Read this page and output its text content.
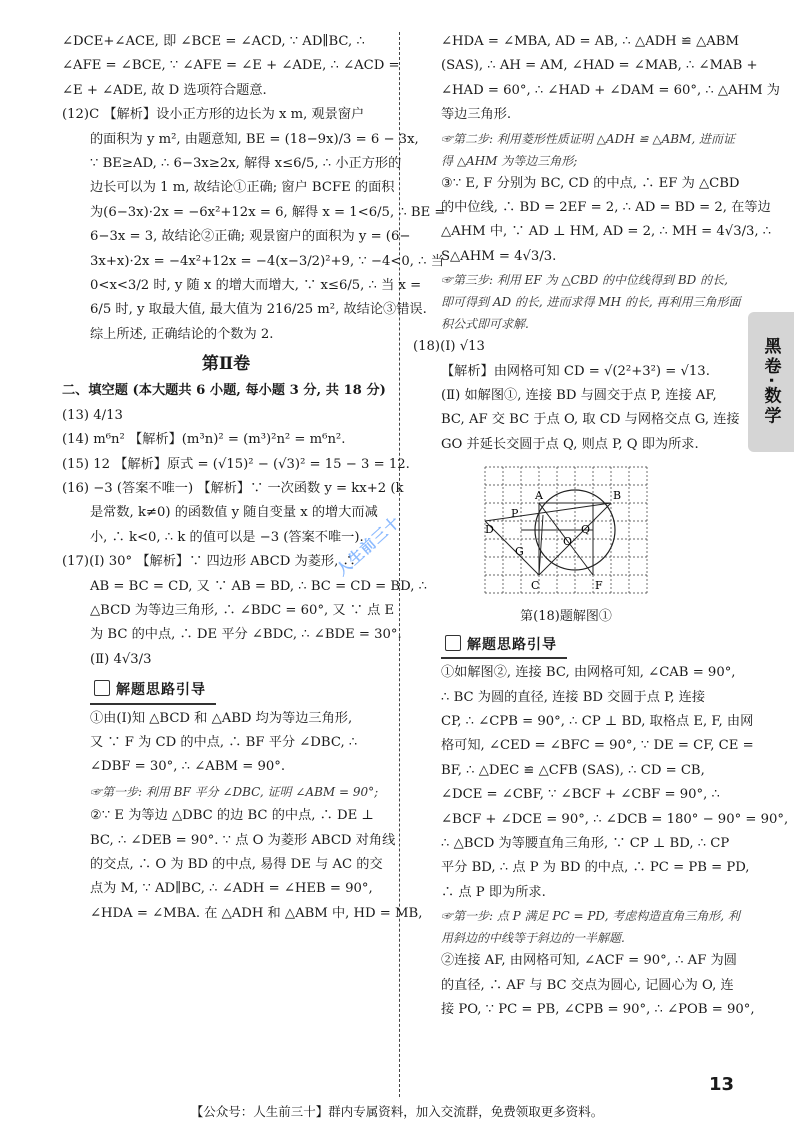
∠DCE+∠ACE, 即 ∠BCE = ∠ACD, ∵ AD∥BC, ∴
∠AFE = ∠BCE, ∵ ∠AFE = ∠E + ∠ADE, ∴ ∠ACD =
∠E + ∠ADE, 故 D 选项符合题意.
(12)C 【解析】设小正方形的边长为 x m, 观景窗户
的面积为 y m², 由题意知, BE = (18−9x)/3 = 6 − 3x,
∵ BE≥AD, ∴ 6−3x≥2x, 解得 x≤6/5, ∴ 小正方形的
边长可以为 1 m, 故结论①正确; 窗户 BCFE 的面积
为(6−3x)·2x = −6x²+12x = 6, 解得 x = 1<6/5, ∴ BE =
6−3x = 3, 故结论②正确; 观景窗户的面积为 y = (6−
3x+x)·2x = −4x²+12x = −4(x−3/2)²+9, ∵ −4<0, ∴ 当
0<x<3/2 时, y 随 x 的增大而增大, ∵ x≤6/5, ∴ 当 x =
6/5 时, y 取最大值, 最大值为 216/25 m², 故结论③错误.
综上所述, 正确结论的个数为 2.
第Ⅱ卷
二、填空题 (本大题共 6 小题, 每小题 3 分, 共 18 分)
(13) 4/13
(14) m⁶n² 【解析】(m³n)² = (m³)²n² = m⁶n².
(15) 12 【解析】原式 = (√15)² − (√3)² = 15 − 3 = 12.
(16) −3 (答案不唯一) 【解析】∵ 一次函数 y = kx+2 (k
是常数, k≠0) 的函数值 y 随自变量 x 的增大而减
小, ∴ k<0, ∴ k 的值可以是 −3 (答案不唯一).
(17)(Ⅰ) 30° 【解析】∵ 四边形 ABCD 为菱形, ∴
AB = BC = CD, 又 ∵ AB = BD, ∴ BC = CD = BD, ∴
△BCD 为等边三角形, ∴ ∠BDC = 60°, 又 ∵ 点 E
为 BC 的中点, ∴ DE 平分 ∠BDC, ∴ ∠BDE = 30°.
(Ⅱ) 4√3/3
解题思路引导
①由(Ⅰ)知 △BCD 和 △ABD 均为等边三角形,
又 ∵ F 为 CD 的中点, ∴ BF 平分 ∠DBC, ∴
∠DBF = 30°, ∴ ∠ABM = 90°.
☞第一步: 利用 BF 平分 ∠DBC, 证明 ∠ABM = 90°;
②∵ E 为等边 △DBC 的边 BC 的中点, ∴ DE ⊥
BC, ∴ ∠DEB = 90°. ∵ 点 O 为菱形 ABCD 对角线
的交点, ∴ O 为 BD 的中点, 易得 DE 与 AC 的交
点为 M, ∵ AD∥BC, ∴ ∠ADH = ∠HEB = 90°,
∠HDA = ∠MBA. 在 △ADH 和 △ABM 中, HD = MB,
∠HDA = ∠MBA, AD = AB, ∴ △ADH ≌ △ABM
(SAS), ∴ AH = AM, ∠HAD = ∠MAB, ∴ ∠MAB +
∠HAD = 60°, ∴ ∠HAD + ∠DAM = 60°, ∴ △AHM 为
等边三角形.
☞第二步: 利用菱形性质证明 △ADH ≌ △ABM, 进而证得 △AHM 为等边三角形;
③∵ E, F 分别为 BC, CD 的中点, ∴ EF 为 △CBD
的中位线, ∴ BD = 2EF = 2, ∴ AD = BD = 2, 在等边
△AHM 中, ∵ AD ⊥ HM, AD = 2, ∴ MH = 4√3/3, ∴
S△AHM = 4√3/3.
☞第三步: 利用 EF 为 △CBD 的中位线得到 BD 的长, 即可得到 AD 的长, 进而求得 MH 的长, 再利用三角形面积公式即可求解.
(18)(Ⅰ) √13
【解析】由网格可知 CD = √(2²+3²) = √13.
(Ⅱ) 如解图①, 连接 BD 与圆交于点 P, 连接 AF,
BC, AF 交 BC 于点 O, 取 CD 与网格交点 G, 连接
GO 并延长交圆于点 Q, 则点 P, Q 即为所求.
A	B
D
P
G
O
Q
C	F
第(18)题解图①
解题思路引导
①如解图②, 连接 BC, 由网格可知, ∠CAB = 90°,
∴ BC 为圆的直径, 连接 BD 交圆于点 P, 连接
CP, ∴ ∠CPB = 90°, ∴ CP ⊥ BD, 取格点 E, F, 由网
格可知, ∠CED = ∠BFC = 90°, ∵ DE = CF, CE =
BF, ∴ △DEC ≌ △CFB (SAS), ∴ CD = CB,
∠DCE = ∠CBF, ∵ ∠BCF + ∠CBF = 90°, ∴
∠BCF + ∠DCE = 90°, ∴ ∠DCB = 180° − 90° = 90°,
∴ △BCD 为等腰直角三角形, ∵ CP ⊥ BD, ∴ CP
平分 BD, ∴ 点 P 为 BD 的中点, ∴ PC = PB = PD,
∴ 点 P 即为所求.
☞第一步: 点 P 满足 PC = PD, 考虑构造直角三角形, 利用斜边的中线等于斜边的一半解题.
②连接 AF, 由网格可知, ∠ACF = 90°, ∴ AF 为圆
的直径, ∴ AF 与 BC 交点为圆心, 记圆心为 O, 连
接 PO, ∵ PC = PB, ∠CPB = 90°, ∴ ∠POB = 90°,
黑卷·数学
人生前三十
13
【公众号：人生前三十】群内专属资料，加入交流群，免费领取更多资料。
